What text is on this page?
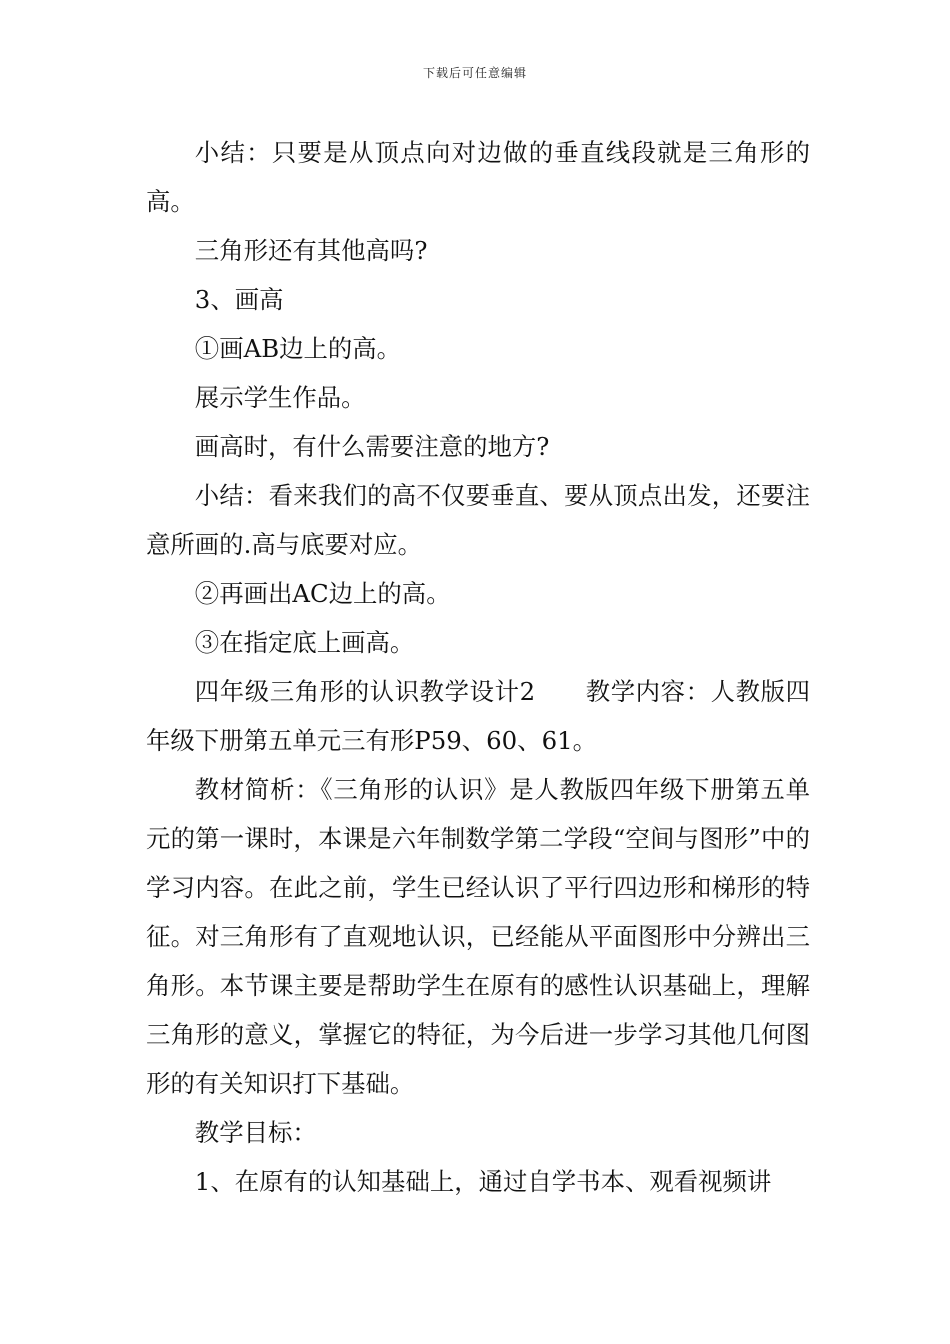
下载后可任意编辑

小结：只要是从顶点向对边做的垂直线段就是三角形的高。

三角形还有其他高吗?

3、画高

①画AB边上的高。

展示学生作品。

画高时，有什么需要注意的地方?

小结：看来我们的高不仅要垂直、要从顶点出发，还要注意所画的.高与底要对应。

②再画出AC边上的高。

③在指定底上画高。

四年级三角形的认识教学设计2　　教学内容：人教版四年级下册第五单元三有形P59、60、61。

教材简析：《三角形的认识》是人教版四年级下册第五单元的第一课时，本课是六年制数学第二学段“空间与图形”中的学习内容。在此之前，学生已经认识了平行四边形和梯形的特征。对三角形有了直观地认识，已经能从平面图形中分辨出三角形。本节课主要是帮助学生在原有的感性认识基础上，理解三角形的意义，掌握它的特征，为今后进一步学习其他几何图形的有关知识打下基础。

教学目标：

1、在原有的认知基础上，通过自学书本、观看视频讲
